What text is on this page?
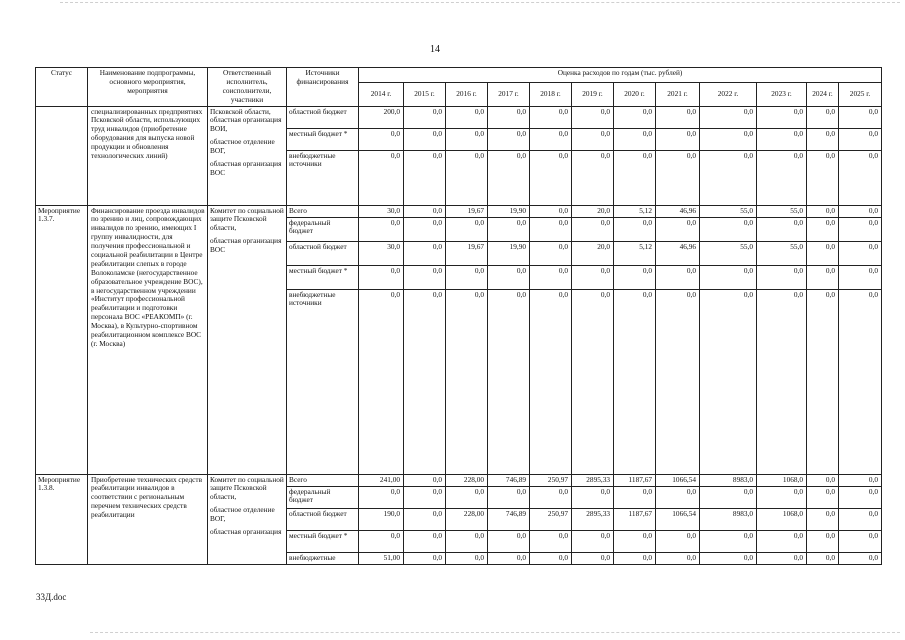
14
Статус	Наименование подпрограммы, основного мероприятия, мероприятия	Ответственный исполнитель, соисполнители, участники	Источники финансирования	Оценка расходов по годам (тыс. рублей)											
				2014 г.	2015 г.	2016 г.	2017 г.	2018 г.	2019 г.	2020 г.	2021 г.	2022 г.	2023 г.	2024 г.	2025 г.
	специализированных предприятиях Псковской области, использующих труд инвалидов (приобретение оборудования для выпуска новой продукции и обновления технологических линий)	Псковской области, областная организация ВОИ,
областное отделение ВОГ,
областная организация ВОС	областной бюджет	200,0	0,0	0,0	0,0	0,0	0,0	0,0	0,0	0,0	0,0	0,0	0,0
			местный бюджет *	0,0	0,0	0,0	0,0	0,0	0,0	0,0	0,0	0,0	0,0	0,0	0,0
			внебюджетные источники	0,0	0,0	0,0	0,0	0,0	0,0	0,0	0,0	0,0	0,0	0,0	0,0
Мероприятие 1.3.7.	Финансирование проезда инвалидов по зрению и лиц, сопровождающих инвалидов по зрению, имеющих I группу инвалидности, для получения профессиональной и социальной реабилитации в Центре реабилитации слепых в городе Волоколамске (негосударственное образовательное учреждение ВОС), в негосударственном учреждении «Институт профессиональной реабилитации и подготовки персонала ВОС «РЕАКОМП» (г. Москва), в Культурно-спортивном реабилитационном комплексе ВОС (г. Москва)	Комитет по социальной защите Псковской области,
областная организация ВОС	Всего	30,0	0,0	19,67	19,90	0,0	20,0	5,12	46,96	55,0	55,0	0,0	0,0
			федеральный бюджет	0,0	0,0	0,0	0,0	0,0	0,0	0,0	0,0	0,0	0,0	0,0	0,0
			областной бюджет	30,0	0,0	19,67	19,90	0,0	20,0	5,12	46,96	55,0	55,0	0,0	0,0
			местный бюджет *	0,0	0,0	0,0	0,0	0,0	0,0	0,0	0,0	0,0	0,0	0,0	0,0
			внебюджетные источники	0,0	0,0	0,0	0,0	0,0	0,0	0,0	0,0	0,0	0,0	0,0	0,0
Мероприятие 1.3.8.	Приобретение технических средств реабилитации инвалидов в соответствии с региональным перечнем технических средств реабилитации	Комитет по социальной защите Псковской области,
областное отделение ВОГ,
областная организация	Всего	241,00	0,0	228,00	746,89	250,97	2895,33	1187,67	1066,54	8983,0	1068,0	0,0	0,0
			федеральный бюджет	0,0	0,0	0,0	0,0	0,0	0,0	0,0	0,0	0,0	0,0	0,0	0,0
			областной бюджет	190,0	0,0	228,00	746,89	250,97	2895,33	1187,67	1066,54	8983,0	1068,0	0,0	0,0
			местный бюджет *	0,0	0,0	0,0	0,0	0,0	0,0	0,0	0,0	0,0	0,0	0,0	0,0
			внебюджетные	51,00	0,0	0,0	0,0	0,0	0,0	0,0	0,0	0,0	0,0	0,0	0,0
33Д.doc
